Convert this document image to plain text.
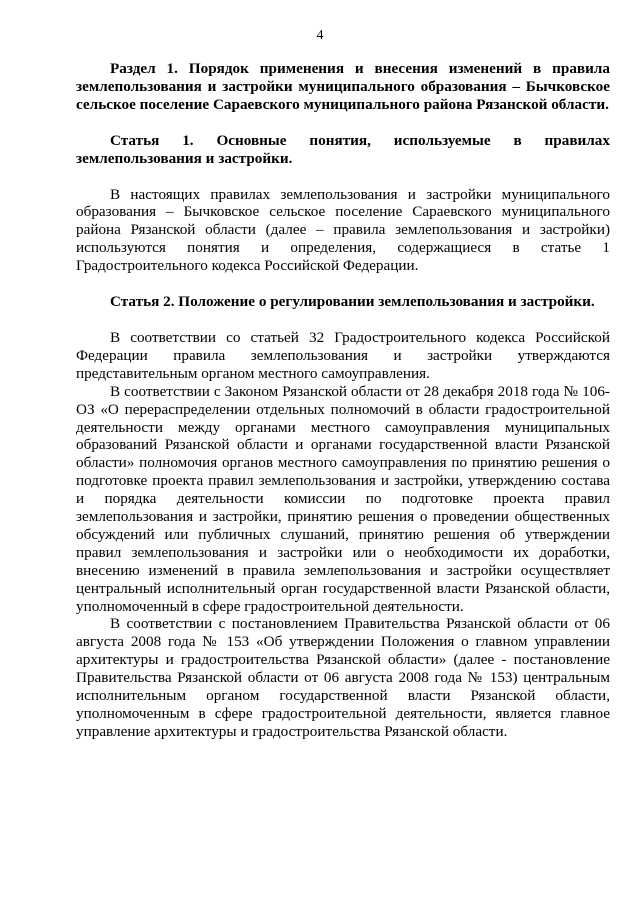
4

Раздел 1. Порядок применения и внесения изменений в правила землепользования и застройки муниципального образования – Бычковское сельское поселение Сараевского муниципального района Рязанской области.

Статья 1. Основные понятия, используемые в правилах землепользования и застройки.

В настоящих правилах землепользования и застройки муниципального образования – Бычковское сельское поселение Сараевского муниципального района Рязанской области (далее – правила землепользования и застройки) используются понятия и определения, содержащиеся в статье 1 Градостроительного кодекса Российской Федерации.

Статья 2. Положение о регулировании землепользования и застройки.

В соответствии со статьей 32 Градостроительного кодекса Российской Федерации правила землепользования и застройки утверждаются представительным органом местного самоуправления.

В соответствии с Законом Рязанской области от 28 декабря 2018 года № 106-ОЗ «О перераспределении отдельных полномочий в области градостроительной деятельности между органами местного самоуправления муниципальных образований Рязанской области и органами государственной власти Рязанской области» полномочия органов местного самоуправления по принятию решения о подготовке проекта правил землепользования и застройки, утверждению состава и порядка деятельности комиссии по подготовке проекта правил землепользования и застройки, принятию решения о проведении общественных обсуждений или публичных слушаний, принятию решения об утверждении правил землепользования и застройки или о необходимости их доработки, внесению изменений в правила землепользования и застройки осуществляет центральный исполнительный орган государственной власти Рязанской области, уполномоченный в сфере градостроительной деятельности.

В соответствии с постановлением Правительства Рязанской области от 06 августа 2008 года № 153 «Об утверждении Положения о главном управлении архитектуры и градостроительства Рязанской области» (далее - постановление Правительства Рязанской области от 06 августа 2008 года № 153) центральным исполнительным органом государственной власти Рязанской области, уполномоченным в сфере градостроительной деятельности, является главное управление архитектуры и градостроительства Рязанской области.
